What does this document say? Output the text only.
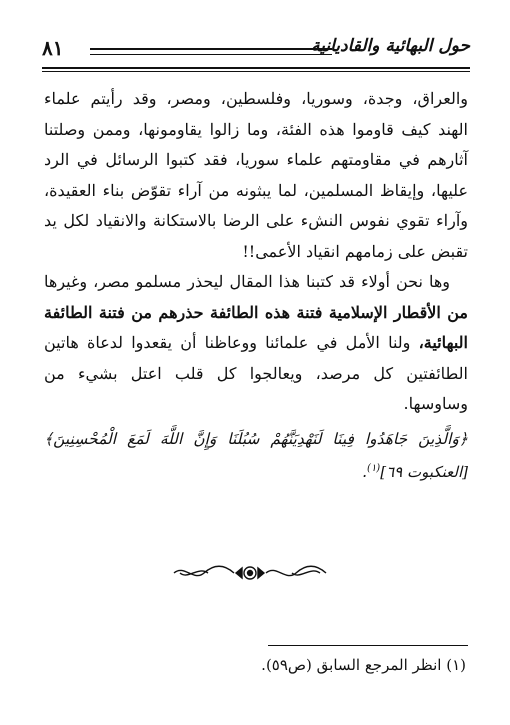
حول البهائية والقاديانية
٨١

والعراق، وجدة، وسوريا، وفلسطين، ومصر، وقد رأيتم علماء الهند كيف قاوموا هذه الفئة، وما زالوا يقاومونها، وممن وصلتنا آثارهم في مقاومتهم علماء سوريا، فقد كتبوا الرسائل في الرد عليها، وإيقاظ المسلمين، لما يبثونه من آراء تقوّض بناء العقيدة، وآراء تقوي نفوس النشء على الرضا بالاستكانة والانقياد لكل يد تقبض على زمامهم انقياد الأعمى!!

وها نحن أولاء قد كتبنا هذا المقال ليحذر مسلمو مصر، وغيرها من الأقطار الإسلامية فتنة هذه الطائفة حذرهم من فتنة الطائفة البهائية، ولنا الأمل في علمائنا ووعاظنا أن يقعدوا لدعاة هاتين الطائفتين كل مرصد، ويعالجوا كل قلب اعتل بشيء من وساوسها.

﴿وَالَّذِينَ جَاهَدُوا فِينَا لَنَهْدِيَنَّهُمْ سُبُلَنَا وَإِنَّ اللَّهَ لَمَعَ الْمُحْسِنِينَ﴾ [العنكبوت ٦٩]$^{(١)}$.

(١) انظر المرجع السابق (ص٥٩).
